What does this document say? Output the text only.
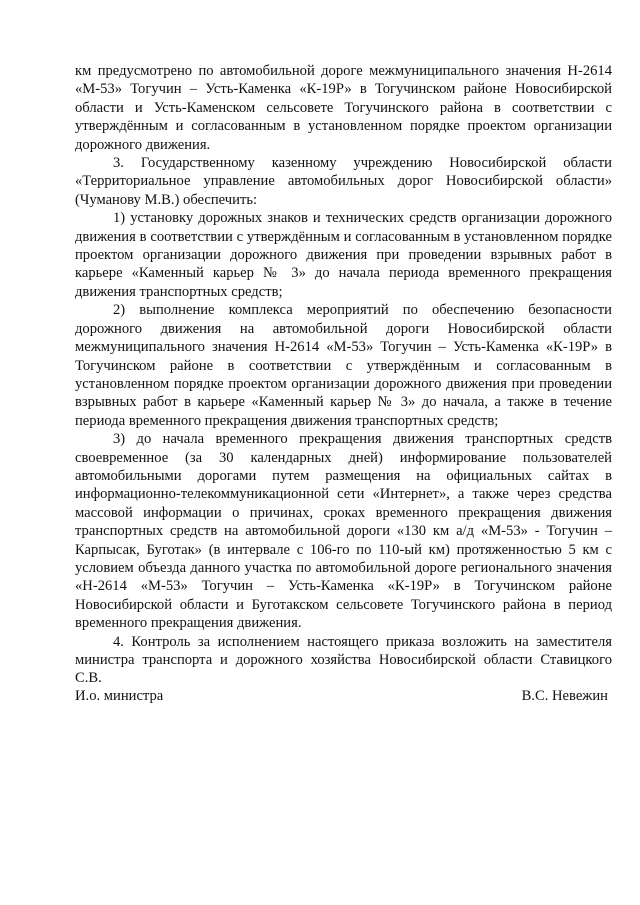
км предусмотрено по автомобильной дороге межмуниципального значения Н-2614 «М-53» Тогучин – Усть-Каменка «К-19Р» в Тогучинском районе Новосибирской области и Усть-Каменском сельсовете Тогучинского района в соответствии с утверждённым и согласованным в установленном порядке проектом организации дорожного движения.

3. Государственному казенному учреждению Новосибирской области «Территориальное управление автомобильных дорог Новосибирской области» (Чуманову М.В.) обеспечить:

1) установку дорожных знаков и технических средств организации дорожного движения в соответствии с утверждённым и согласованным в установленном порядке проектом организации дорожного движения при проведении взрывных работ в карьере «Каменный карьер № 3» до начала периода временного прекращения движения транспортных средств;

2) выполнение комплекса мероприятий по обеспечению безопасности дорожного движения на автомобильной дороги Новосибирской области межмуниципального значения Н-2614 «М-53» Тогучин – Усть-Каменка «К-19Р» в Тогучинском районе в соответствии с утверждённым и согласованным в установленном порядке проектом организации дорожного движения при проведении взрывных работ в карьере «Каменный карьер № 3» до начала, а также в течение периода временного прекращения движения транспортных средств;

3) до начала временного прекращения движения транспортных средств своевременное (за 30 календарных дней) информирование пользователей автомобильными дорогами путем размещения на официальных сайтах в информационно-телекоммуникационной сети «Интернет», а также через средства массовой информации о причинах, сроках временного прекращения движения транспортных средств на автомобильной дороги «130 км а/д «М-53» - Тогучин – Карпысак, Буготак» (в интервале с 106-го по 110-ый км) протяженностью 5 км с условием объезда данного участка по автомобильной дороге регионального значения «Н-2614 «М-53» Тогучин – Усть-Каменка «К-19Р» в Тогучинском районе Новосибирской области и Буготакском сельсовете Тогучинского района в период временного прекращения движения.

4. Контроль за исполнением настоящего приказа возложить на заместителя министра транспорта и дорожного хозяйства Новосибирской области Ставицкого С.В.

И.о. министра	В.С. Невежин
